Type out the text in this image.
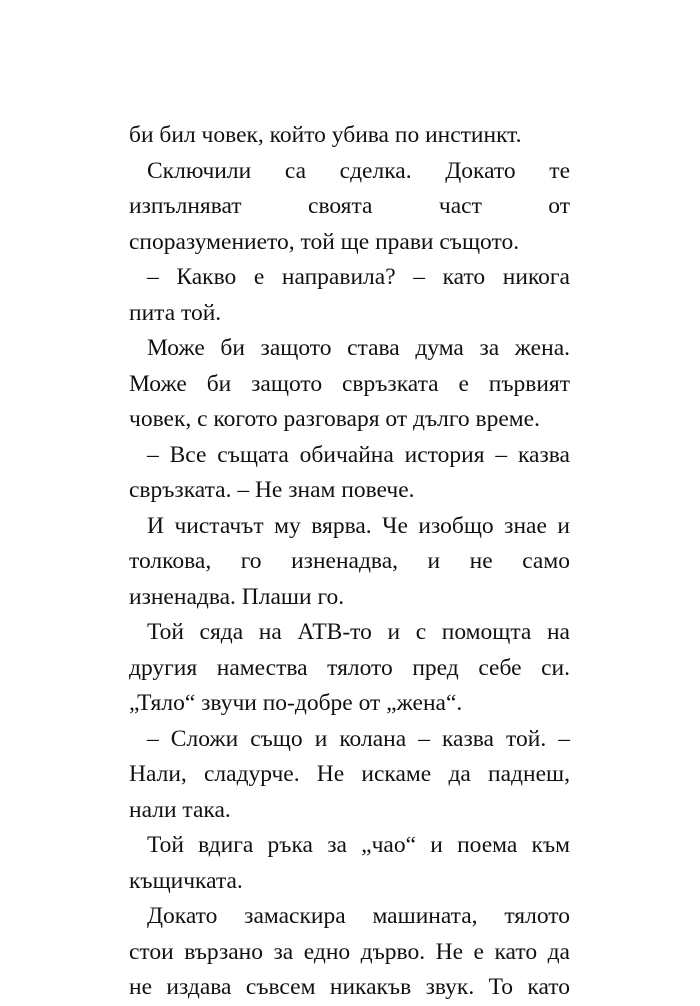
би бил човек, който убива по инстинкт.
Сключили са сделка. Докато те
изпълняват своята част от
споразумението, той ще прави същото.
– Какво е направила? – като никога
пита той.
Може би защото става дума за жена.
Може би защото свръзката е първият
човек, с когото разговаря от дълго време.
– Все същата обичайна история – казва
свръзката. – Не знам повече.
И чистачът му вярва. Че изобщо знае и
толкова, го изненадва, и не само
изненадва. Плаши го.
Той сяда на АТВ-то и с помощта на
другия намества тялото пред себе си.
„Тяло“ звучи по-добре от „жена“.
– Сложи също и колана – казва той. –
Нали, сладурче. Не искаме да паднеш,
нали така.
Той вдига ръка за „чао“ и поема към
къщичката.
Докато замаскира машината, тялото
стои вързано за едно дърво. Не е като да
не издава съвсем никакъв звук. То като
